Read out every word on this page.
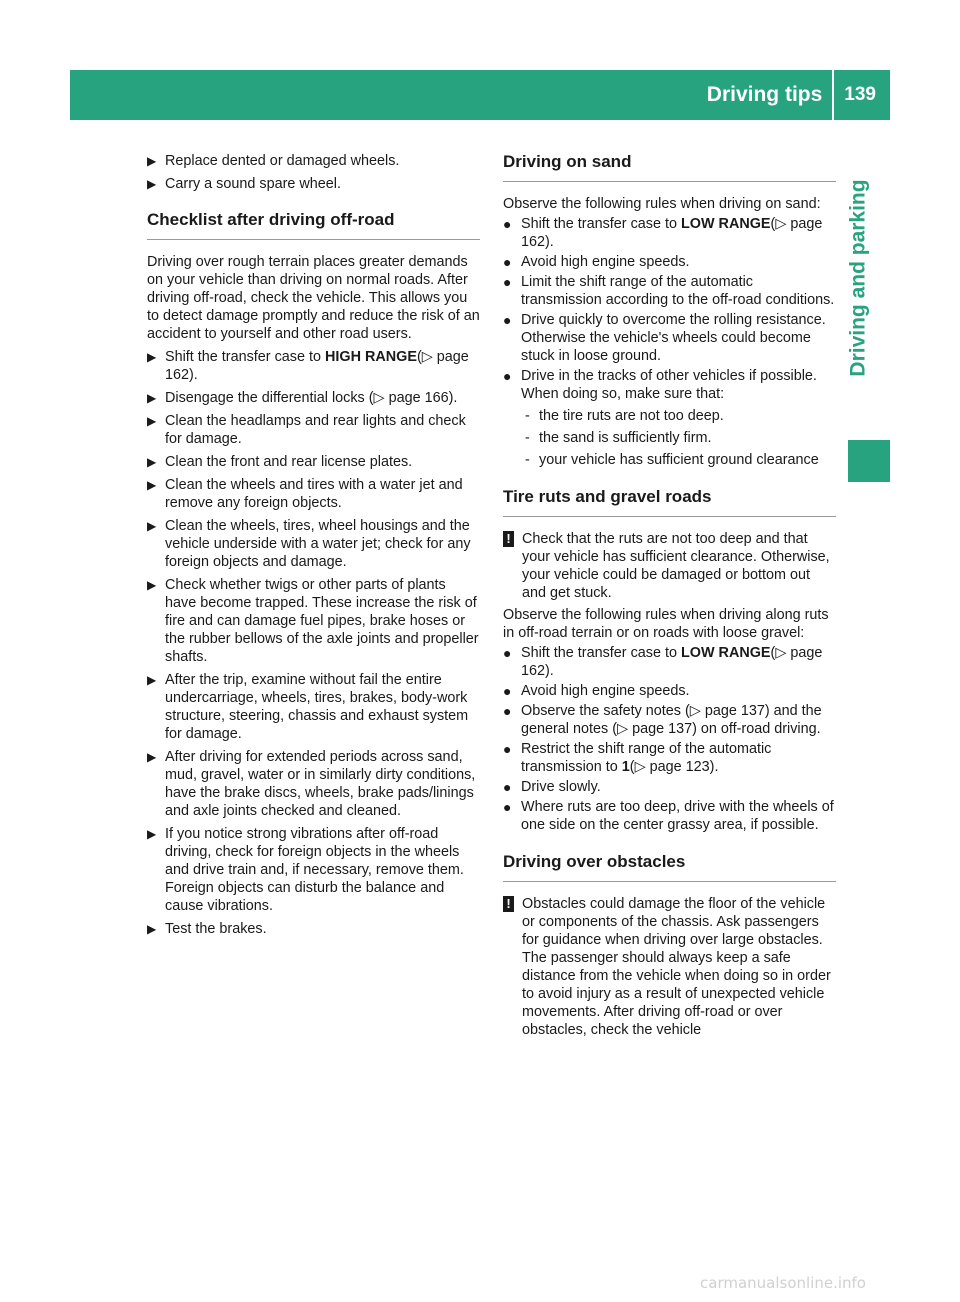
Driving tips	139
Driving and parking
▶ Replace dented or damaged wheels.
▶ Carry a sound spare wheel.
Checklist after driving off-road

Driving over rough terrain places greater demands on your vehicle than driving on normal roads. After driving off-road, check the vehicle. This allows you to detect damage promptly and reduce the risk of an accident to yourself and other road users.

▶ Shift the transfer case to HIGH RANGE(▷ page 162).
▶ Disengage the differential locks (▷ page 166).
▶ Clean the headlamps and rear lights and check for damage.
▶ Clean the front and rear license plates.
▶ Clean the wheels and tires with a water jet and remove any foreign objects.
▶ Clean the wheels, tires, wheel housings and the vehicle underside with a water jet; check for any foreign objects and damage.
▶ Check whether twigs or other parts of plants have become trapped. These increase the risk of fire and can damage fuel pipes, brake hoses or the rubber bellows of the axle joints and propeller shafts.
▶ After the trip, examine without fail the entire undercarriage, wheels, tires, brakes, body-work structure, steering, chassis and exhaust system for damage.
▶ After driving for extended periods across sand, mud, gravel, water or in similarly dirty conditions, have the brake discs, wheels, brake pads/linings and axle joints checked and cleaned.
▶ If you notice strong vibrations after off-road driving, check for foreign objects in the wheels and drive train and, if necessary, remove them.
Foreign objects can disturb the balance and cause vibrations.
▶ Test the brakes.
Driving on sand

Observe the following rules when driving on sand:

● Shift the transfer case to LOW RANGE(▷ page 162).
● Avoid high engine speeds.
● Limit the shift range of the automatic transmission according to the off-road conditions.
● Drive quickly to overcome the rolling resistance. Otherwise the vehicle's wheels could become stuck in loose ground.
● Drive in the tracks of other vehicles if possible. When doing so, make sure that:
- the tire ruts are not too deep.
- the sand is sufficiently firm.
- your vehicle has sufficient ground clearance
Tire ruts and gravel roads
! Check that the ruts are not too deep and that your vehicle has sufficient clearance. Otherwise, your vehicle could be damaged or bottom out and get stuck.

Observe the following rules when driving along ruts in off-road terrain or on roads with loose gravel:

● Shift the transfer case to LOW RANGE(▷ page 162).
● Avoid high engine speeds.
● Observe the safety notes (▷ page 137) and the general notes (▷ page 137) on off-road driving.
● Restrict the shift range of the automatic transmission to 1(▷ page 123).
● Drive slowly.
● Where ruts are too deep, drive with the wheels of one side on the center grassy area, if possible.
Driving over obstacles
! Obstacles could damage the floor of the vehicle or components of the chassis. Ask passengers for guidance when driving over large obstacles. The passenger should always keep a safe distance from the vehicle when doing so in order to avoid injury as a result of unexpected vehicle movements. After driving off-road or over obstacles, check the vehicle
carmanualsonline.info
